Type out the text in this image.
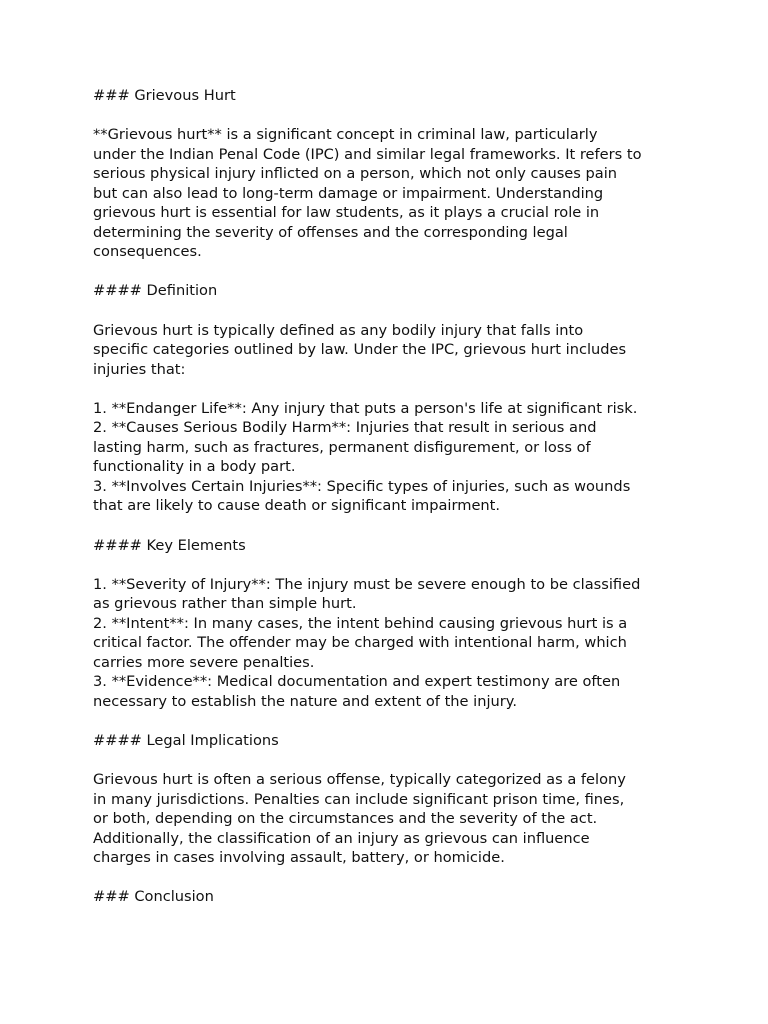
### Grievous Hurt
**Grievous hurt** is a significant concept in criminal law, particularly
under the Indian Penal Code (IPC) and similar legal frameworks. It refers to
serious physical injury inflicted on a person, which not only causes pain
but can also lead to long-term damage or impairment. Understanding
grievous hurt is essential for law students, as it plays a crucial role in
determining the severity of offenses and the corresponding legal
consequences.
#### Definition
Grievous hurt is typically defined as any bodily injury that falls into
specific categories outlined by law. Under the IPC, grievous hurt includes
injuries that:
1. **Endanger Life**: Any injury that puts a person's life at significant risk.
2. **Causes Serious Bodily Harm**: Injuries that result in serious and
lasting harm, such as fractures, permanent disfigurement, or loss of
functionality in a body part.
3. **Involves Certain Injuries**: Specific types of injuries, such as wounds
that are likely to cause death or significant impairment.
#### Key Elements
1. **Severity of Injury**: The injury must be severe enough to be classified
as grievous rather than simple hurt.
2. **Intent**: In many cases, the intent behind causing grievous hurt is a
critical factor. The offender may be charged with intentional harm, which
carries more severe penalties.
3. **Evidence**: Medical documentation and expert testimony are often
necessary to establish the nature and extent of the injury.
#### Legal Implications
Grievous hurt is often a serious offense, typically categorized as a felony
in many jurisdictions. Penalties can include significant prison time, fines,
or both, depending on the circumstances and the severity of the act.
Additionally, the classification of an injury as grievous can influence
charges in cases involving assault, battery, or homicide.
### Conclusion
